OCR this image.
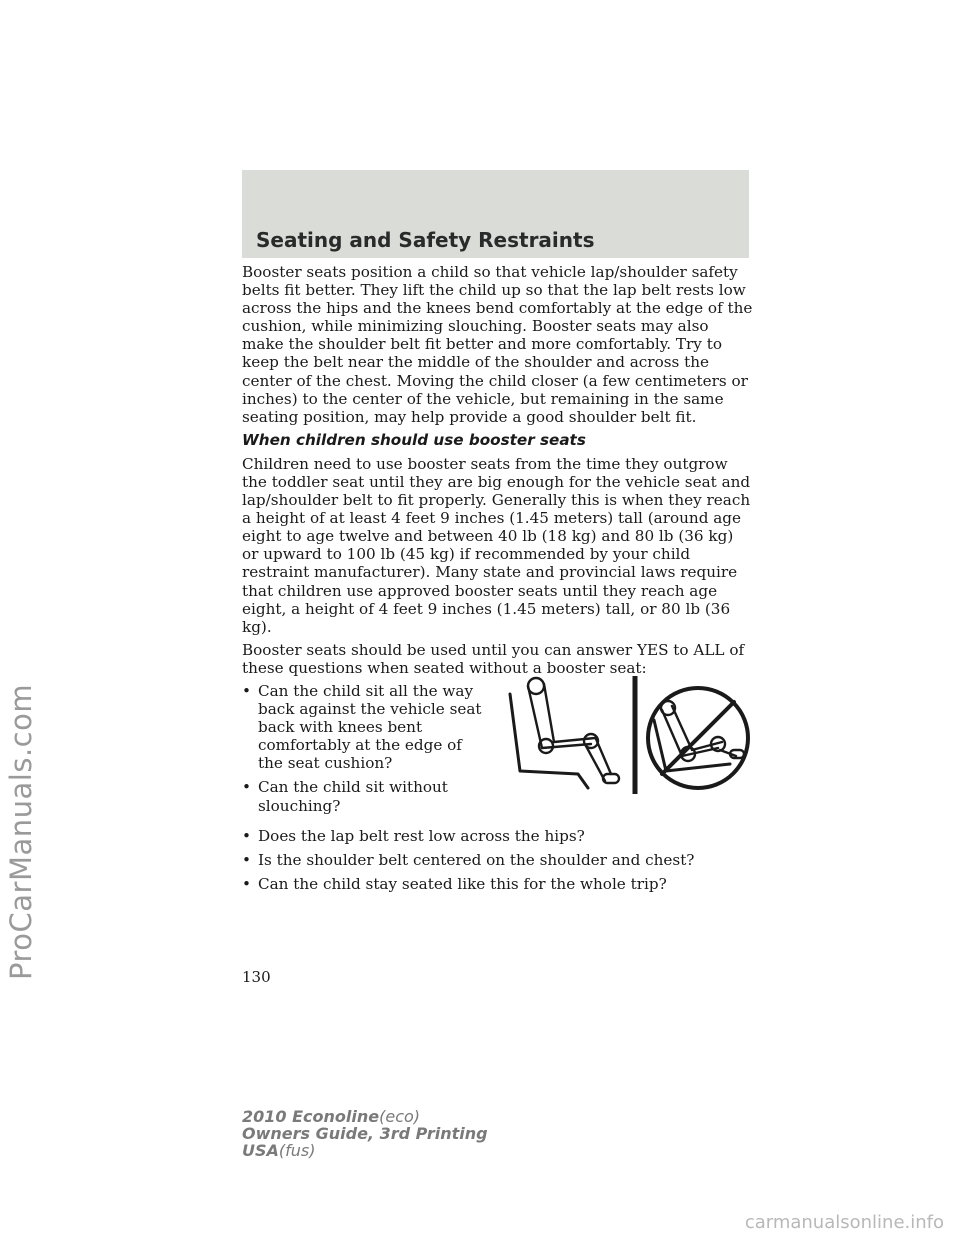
ProCarManuals.com
Seating and Safety Restraints

Booster seats position a child so that vehicle lap/shoulder safety belts fit better. They lift the child up so that the lap belt rests low across the hips and the knees bend comfortably at the edge of the cushion, while minimizing slouching. Booster seats may also make the shoulder belt fit better and more comfortably. Try to keep the belt near the middle of the shoulder and across the center of the chest. Moving the child closer (a few centimeters or inches) to the center of the vehicle, but remaining in the same seating position, may help provide a good shoulder belt fit.

When children should use booster seats

Children need to use booster seats from the time they outgrow the toddler seat until they are big enough for the vehicle seat and lap/shoulder belt to fit properly. Generally this is when they reach a height of at least 4 feet 9 inches (1.45 meters) tall (around age eight to age twelve and between 40 lb (18 kg) and 80 lb (36 kg) or upward to 100 lb (45 kg) if recommended by your child restraint manufacturer). Many state and provincial laws require that children use approved booster seats until they reach age eight, a height of 4 feet 9 inches (1.45 meters) tall, or 80 lb (36 kg).

Booster seats should be used until you can answer YES to ALL of these questions when seated without a booster seat:

• Can the child sit all the way back against the vehicle seat back with knees bent comfortably at the edge of the seat cushion?
• Can the child sit without slouching?
• Does the lap belt rest low across the hips?
• Is the shoulder belt centered on the shoulder and chest?
• Can the child stay seated like this for the whole trip?
130
2010 Econoline(eco)
Owners Guide, 3rd Printing
USA(fus)
carmanualsonline.info
